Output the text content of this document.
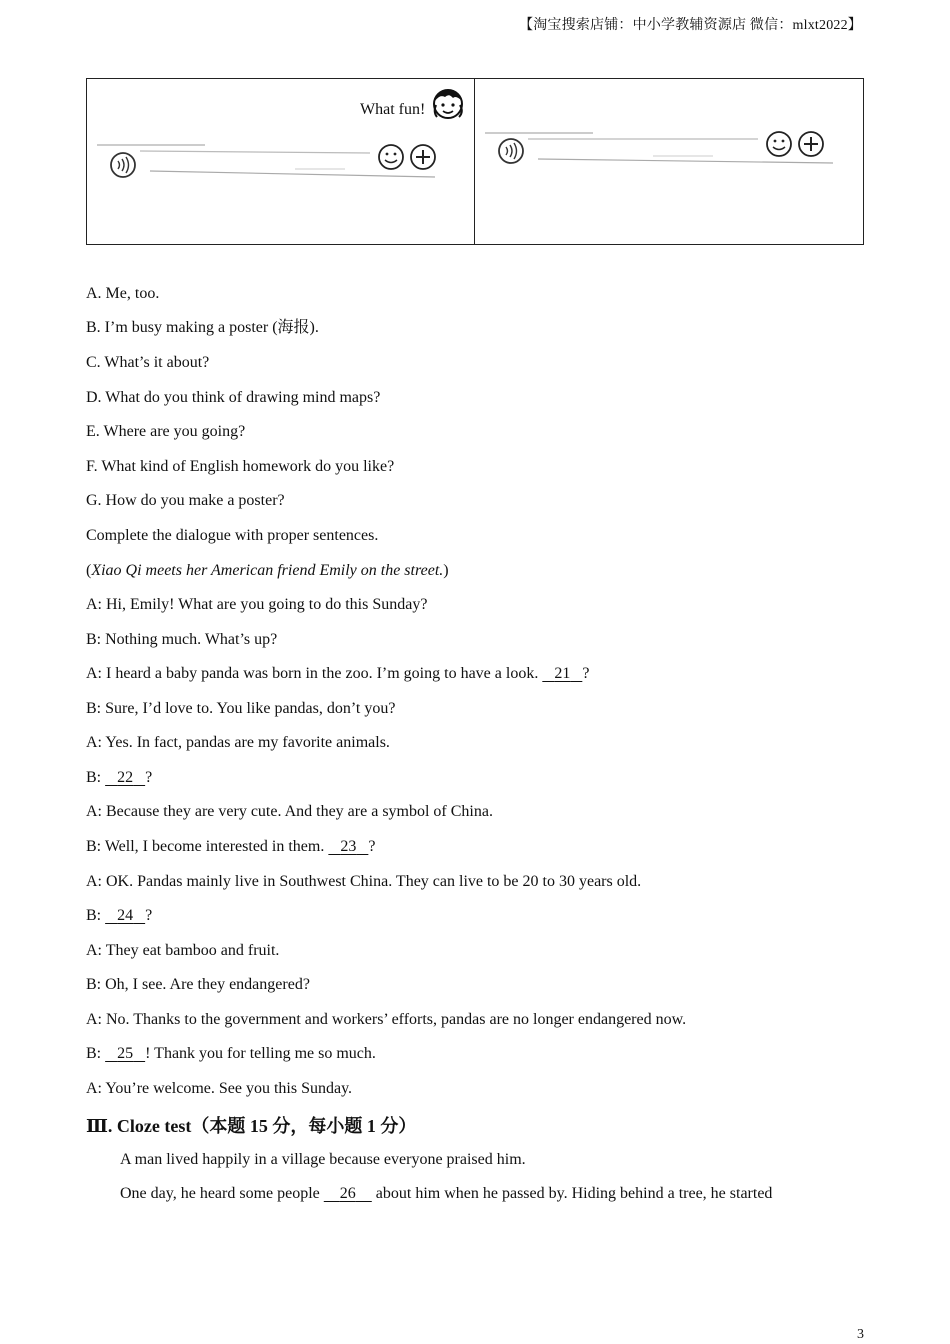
【淘宝搜索店铺：中小学教辅资源店 微信：mlxt2022】
What fun!
A. Me, too.
B. I’m busy making a poster (海报).
C. What’s it about?
D. What do you think of drawing mind maps?
E. Where are you going?
F. What kind of English homework do you like?
G. How do you make a poster?
Complete the dialogue with proper sentences.
(Xiao Qi meets her American friend Emily on the street.)
A: Hi, Emily! What are you going to do this Sunday?
B: Nothing much. What’s up?
A: I heard a baby panda was born in the zoo. I’m going to have a look.    21 ?
B: Sure, I’d love to. You like pandas, don’t you?
A: Yes. In fact, pandas are my favorite animals.
B:    22 ?
A: Because they are very cute. And they are a symbol of China.
B: Well, I become interested in them.    23 ?
A: OK. Pandas mainly live in Southwest China. They can live to be 20 to 30 years old.
B:    24 ?
A: They eat bamboo and fruit.
B: Oh, I see. Are they endangered?
A: No. Thanks to the government and workers’ efforts, pandas are no longer endangered now.
B:    25 ! Thank you for telling me so much.
A: You’re welcome. See you this Sunday.
Ⅲ. Cloze test（本题 15 分，每小题 1 分）
A man lived happily in a village because everyone praised him.
One day, he heard some people     26     about him when he passed by. Hiding behind a tree, he started
3
